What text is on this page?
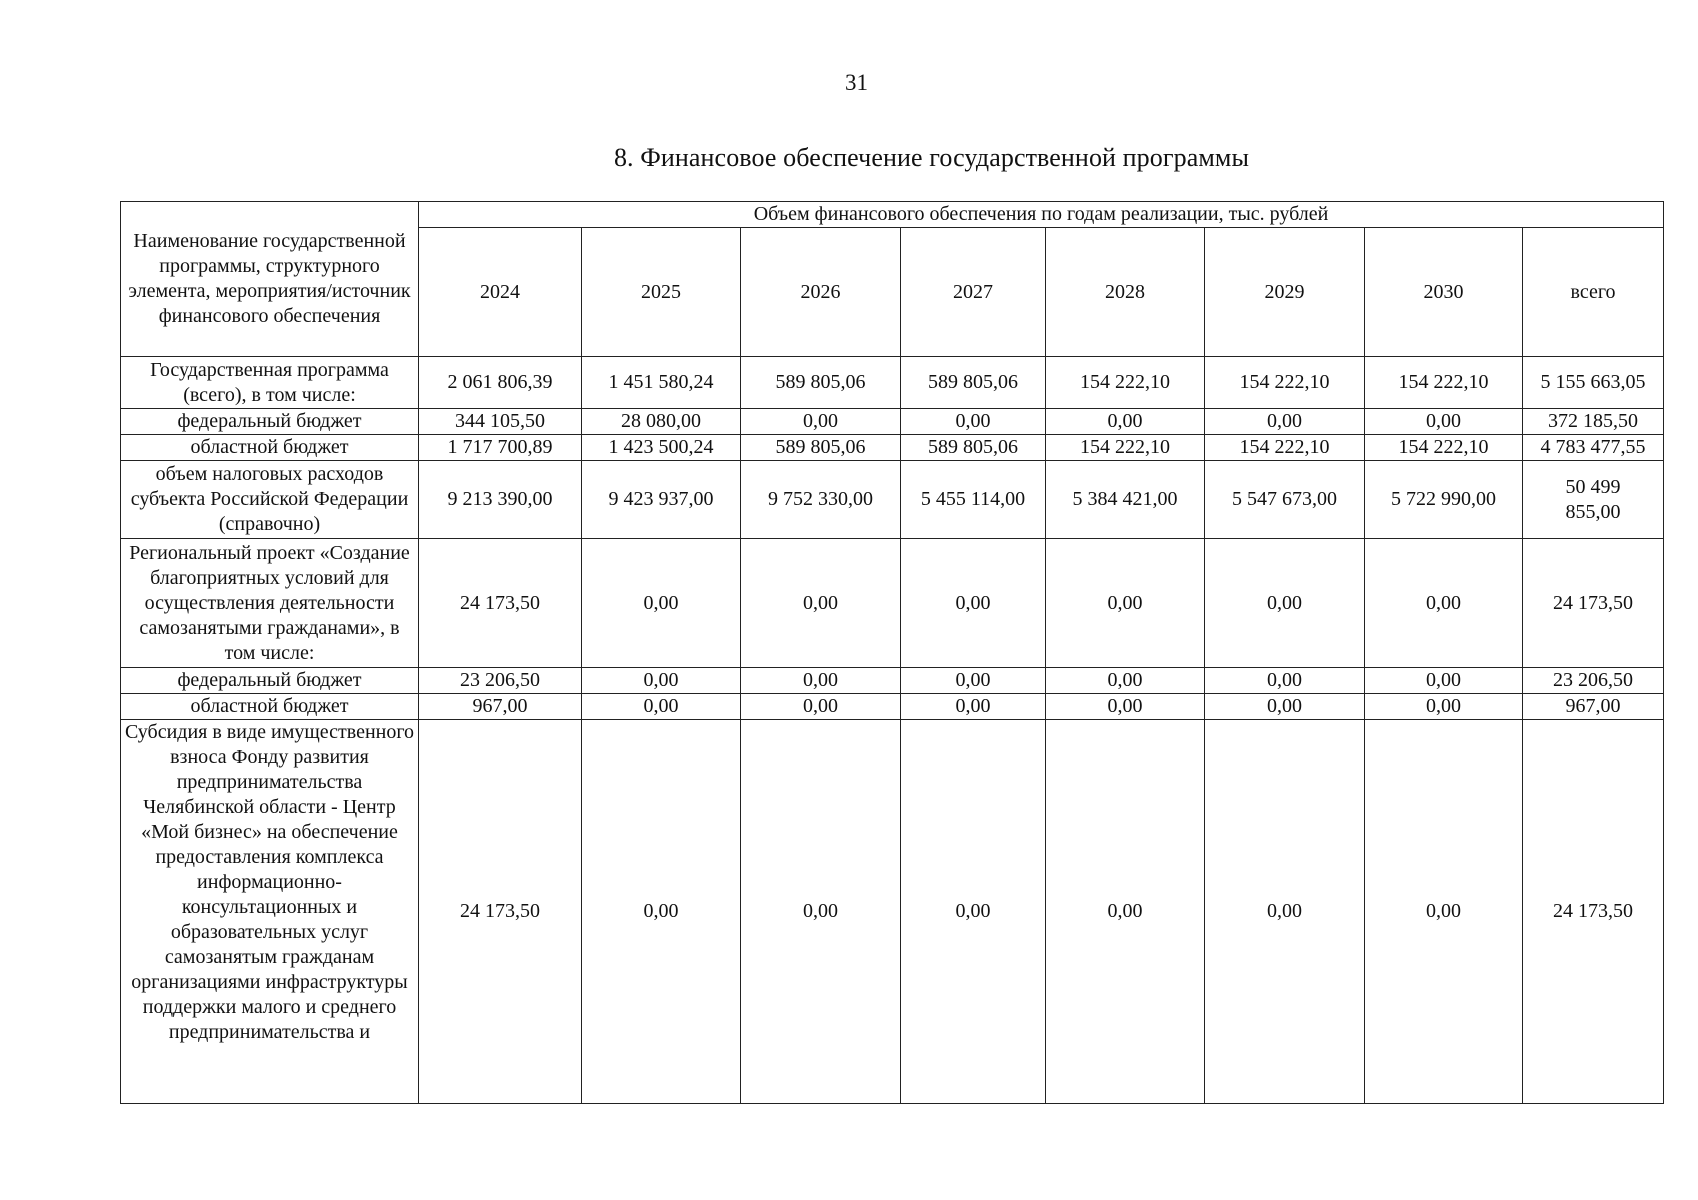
31
8. Финансовое обеспечение государственной программы
Наименование государственной программы, структурного элемента, мероприятия/источник финансового обеспечения	Объем финансового обеспечения по годам реализации, тыс. рублей							
	2024	2025	2026	2027	2028	2029	2030	всего
Государственная программа (всего), в том числе:	2 061 806,39	1 451 580,24	589 805,06	589 805,06	154 222,10	154 222,10	154 222,10	5 155 663,05
федеральный бюджет	344 105,50	28 080,00	0,00	0,00	0,00	0,00	0,00	372 185,50
областной бюджет	1 717 700,89	1 423 500,24	589 805,06	589 805,06	154 222,10	154 222,10	154 222,10	4 783 477,55
объем налоговых расходов субъекта Российской Федерации (справочно)	9 213 390,00	9 423 937,00	9 752 330,00	5 455 114,00	5 384 421,00	5 547 673,00	5 722 990,00	50 499 855,00
Региональный проект «Создание благоприятных условий для осуществления деятельности самозанятыми гражданами», в том числе:	24 173,50	0,00	0,00	0,00	0,00	0,00	0,00	24 173,50
федеральный бюджет	23 206,50	0,00	0,00	0,00	0,00	0,00	0,00	23 206,50
областной бюджет	967,00	0,00	0,00	0,00	0,00	0,00	0,00	967,00
Субсидия в виде имущественного взноса Фонду развития предпринимательства Челябинской области - Центр «Мой бизнес» на обеспечение предоставления комплекса информационно-консультационных и образовательных услуг самозанятым гражданам организациями инфраструктуры поддержки малого и среднего предпринимательства и	24 173,50	0,00	0,00	0,00	0,00	0,00	0,00	24 173,50
